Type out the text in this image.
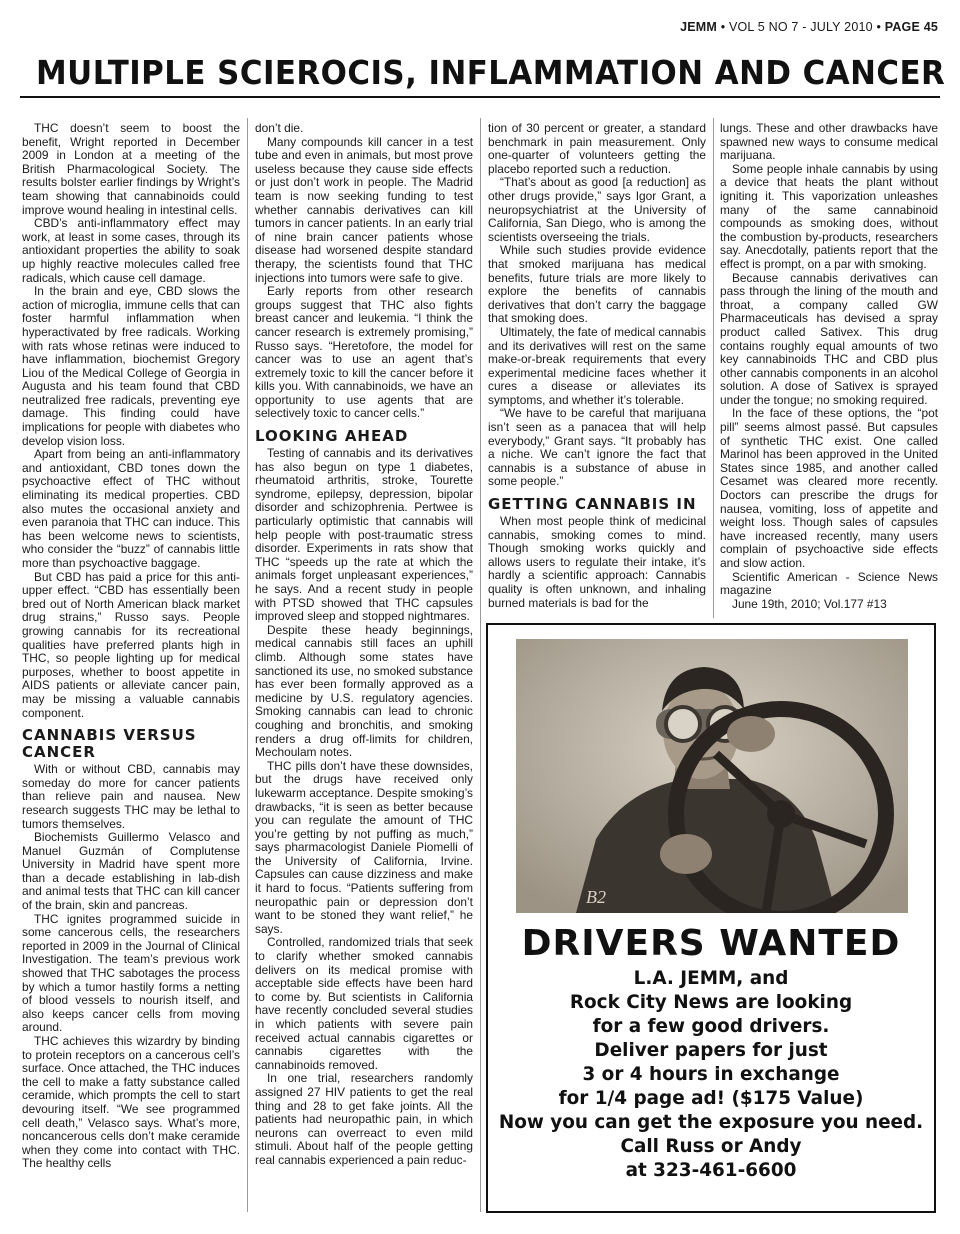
JEMM • VOL 5 NO 7 - JULY 2010 • PAGE 45
MULTIPLE SCIEROCIS, INFLAMMATION AND CANCER

THC doesn’t seem to boost the benefit, Wright reported in December 2009 in London at a meeting of the British Pharmacological Society. The results bolster earlier findings by Wright’s team showing that cannabinoids could improve wound healing in intestinal cells.

CBD’s anti-inflammatory effect may work, at least in some cases, through its antioxidant properties the ability to soak up highly reactive molecules called free radicals, which cause cell damage.

In the brain and eye, CBD slows the action of microglia, immune cells that can foster harmful inflammation when hyperactivated by free radicals. Working with rats whose retinas were induced to have inflammation, biochemist Gregory Liou of the Medical College of Georgia in Augusta and his team found that CBD neutralized free radicals, preventing eye damage. This finding could have implications for people with diabetes who develop vision loss.

Apart from being an anti-inflammatory and antioxidant, CBD tones down the psychoactive effect of THC without eliminating its medical properties. CBD also mutes the occasional anxiety and even paranoia that THC can induce. This has been welcome news to scientists, who consider the “buzz” of cannabis little more than psychoactive baggage.

But CBD has paid a price for this anti-upper effect. “CBD has essentially been bred out of North American black market drug strains,” Russo says. People growing cannabis for its recreational qualities have preferred plants high in THC, so people lighting up for medical purposes, whether to boost appetite in AIDS patients or alleviate cancer pain, may be missing a valuable cannabis component.

CANNABIS VERSUS CANCER

With or without CBD, cannabis may someday do more for cancer patients than relieve pain and nausea. New research suggests THC may be lethal to tumors themselves.

Biochemists Guillermo Velasco and Manuel Guzmán of Complutense University in Madrid have spent more than a decade establishing in lab-dish and animal tests that THC can kill cancer of the brain, skin and pancreas.

THC ignites programmed suicide in some cancerous cells, the researchers reported in 2009 in the Journal of Clinical Investigation. The team’s previous work showed that THC sabotages the process by which a tumor hastily forms a netting of blood vessels to nourish itself, and also keeps cancer cells from moving around.

THC achieves this wizardry by binding to protein receptors on a cancerous cell’s surface. Once attached, the THC induces the cell to make a fatty substance called ceramide, which prompts the cell to start devouring itself. “We see programmed cell death,” Velasco says. What’s more, noncancerous cells don’t make ceramide when they come into contact with THC. The healthy cells

don’t die.

Many compounds kill cancer in a test tube and even in animals, but most prove useless because they cause side effects or just don’t work in people. The Madrid team is now seeking funding to test whether cannabis derivatives can kill tumors in cancer patients. In an early trial of nine brain cancer patients whose disease had worsened despite standard therapy, the scientists found that THC injections into tumors were safe to give.

Early reports from other research groups suggest that THC also fights breast cancer and leukemia. “I think the cancer research is extremely promising,” Russo says. “Heretofore, the model for cancer was to use an agent that’s extremely toxic to kill the cancer before it kills you. With cannabinoids, we have an opportunity to use agents that are selectively toxic to cancer cells.”

LOOKING AHEAD

Testing of cannabis and its derivatives has also begun on type 1 diabetes, rheumatoid arthritis, stroke, Tourette syndrome, epilepsy, depression, bipolar disorder and schizophrenia. Pertwee is particularly optimistic that cannabis will help people with post-traumatic stress disorder. Experiments in rats show that THC “speeds up the rate at which the animals forget unpleasant experiences,” he says. And a recent study in people with PTSD showed that THC capsules improved sleep and stopped nightmares.

Despite these heady beginnings, medical cannabis still faces an uphill climb. Although some states have sanctioned its use, no smoked substance has ever been formally approved as a medicine by U.S. regulatory agencies. Smoking cannabis can lead to chronic coughing and bronchitis, and smoking renders a drug off-limits for children, Mechoulam notes.

THC pills don’t have these downsides, but the drugs have received only lukewarm acceptance. Despite smoking’s drawbacks, “it is seen as better because you can regulate the amount of THC you’re getting by not puffing as much,” says pharmacologist Daniele Piomelli of the University of California, Irvine. Capsules can cause dizziness and make it hard to focus. “Patients suffering from neuropathic pain or depression don’t want to be stoned they want relief,” he says.

Controlled, randomized trials that seek to clarify whether smoked cannabis delivers on its medical promise with acceptable side effects have been hard to come by. But scientists in California have recently concluded several studies in which patients with severe pain received actual cannabis cigarettes or cannabis cigarettes with the cannabinoids removed.

In one trial, researchers randomly assigned 27 HIV patients to get the real thing and 28 to get fake joints. All the patients had neuropathic pain, in which neurons can overreact to even mild stimuli. About half of the people getting real cannabis experienced a pain reduc-

tion of 30 percent or greater, a standard benchmark in pain measurement. Only one-quarter of volunteers getting the placebo reported such a reduction.

“That’s about as good [a reduction] as other drugs provide,” says Igor Grant, a neuropsychiatrist at the University of California, San Diego, who is among the scientists overseeing the trials.

While such studies provide evidence that smoked marijuana has medical benefits, future trials are more likely to explore the benefits of cannabis derivatives that don’t carry the baggage that smoking does.

Ultimately, the fate of medical cannabis and its derivatives will rest on the same make-or-break requirements that every experimental medicine faces whether it cures a disease or alleviates its symptoms, and whether it’s tolerable.

“We have to be careful that marijuana isn’t seen as a panacea that will help everybody,” Grant says. “It probably has a niche. We can’t ignore the fact that cannabis is a substance of abuse in some people.”

GETTING CANNABIS IN

When most people think of medicinal cannabis, smoking comes to mind. Though smoking works quickly and allows users to regulate their intake, it’s hardly a scientific approach: Cannabis quality is often unknown, and inhaling burned materials is bad for the

lungs. These and other drawbacks have spawned new ways to consume medical marijuana.

Some people inhale cannabis by using a device that heats the plant without igniting it. This vaporization unleashes many of the same cannabinoid compounds as smoking does, without the combustion by-products, researchers say. Anecdotally, patients report that the effect is prompt, on a par with smoking.

Because cannabis derivatives can pass through the lining of the mouth and throat, a company called GW Pharmaceuticals has devised a spray product called Sativex. This drug contains roughly equal amounts of two key cannabinoids THC and CBD plus other cannabis components in an alcohol solution. A dose of Sativex is sprayed under the tongue; no smoking required.

In the face of these options, the “pot pill” seems almost passé. But capsules of synthetic THC exist. One called Marinol has been approved in the United States since 1985, and another called Cesamet was cleared more recently. Doctors can prescribe the drugs for nausea, vomiting, loss of appetite and weight loss. Though sales of capsules have increased recently, many users complain of psychoactive side effects and slow action.

Scientific American - Science News magazine

June 19th, 2010; Vol.177 #13

B2
DRIVERS WANTED
L.A. JEMM, and
Rock City News are looking
for a few good drivers.
Deliver papers for just
3 or 4 hours in exchange
for 1/4 page ad! ($175 Value)
Now you can get the exposure you need.
Call Russ or Andy
at 323-461-6600
